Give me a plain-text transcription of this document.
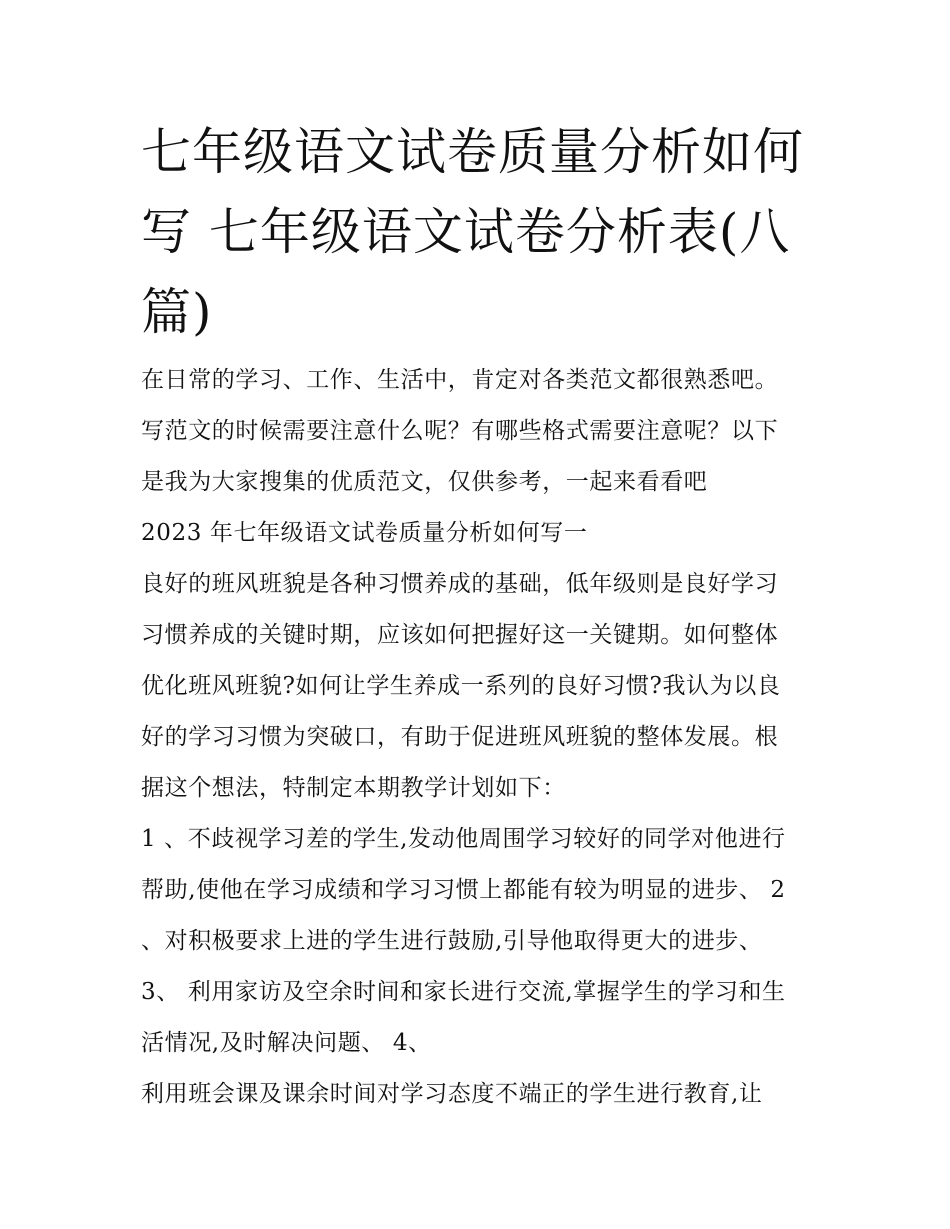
七年级语文试卷质量分析如何
写 七年级语文试卷分析表(八
篇)
在日常的学习、工作、生活中，肯定对各类范文都很熟悉吧。
写范文的时候需要注意什么呢？有哪些格式需要注意呢？以下
是我为大家搜集的优质范文，仅供参考，一起来看看吧
2023 年七年级语文试卷质量分析如何写一
良好的班风班貌是各种习惯养成的基础，低年级则是良好学习
习惯养成的关键时期，应该如何把握好这一关键期。如何整体
优化班风班貌?如何让学生养成一系列的良好习惯?我认为以良
好的学习习惯为突破口，有助于促进班风班貌的整体发展。根
据这个想法，特制定本期教学计划如下：
1 、不歧视学习差的学生,发动他周围学习较好的同学对他进行
帮助,使他在学习成绩和学习习惯上都能有较为明显的进步、 2
、对积极要求上进的学生进行鼓励,引导他取得更大的进步、
3、 利用家访及空余时间和家长进行交流,掌握学生的学习和生
活情况,及时解决问题、 4、
利用班会课及课余时间对学习态度不端正的学生进行教育,让
